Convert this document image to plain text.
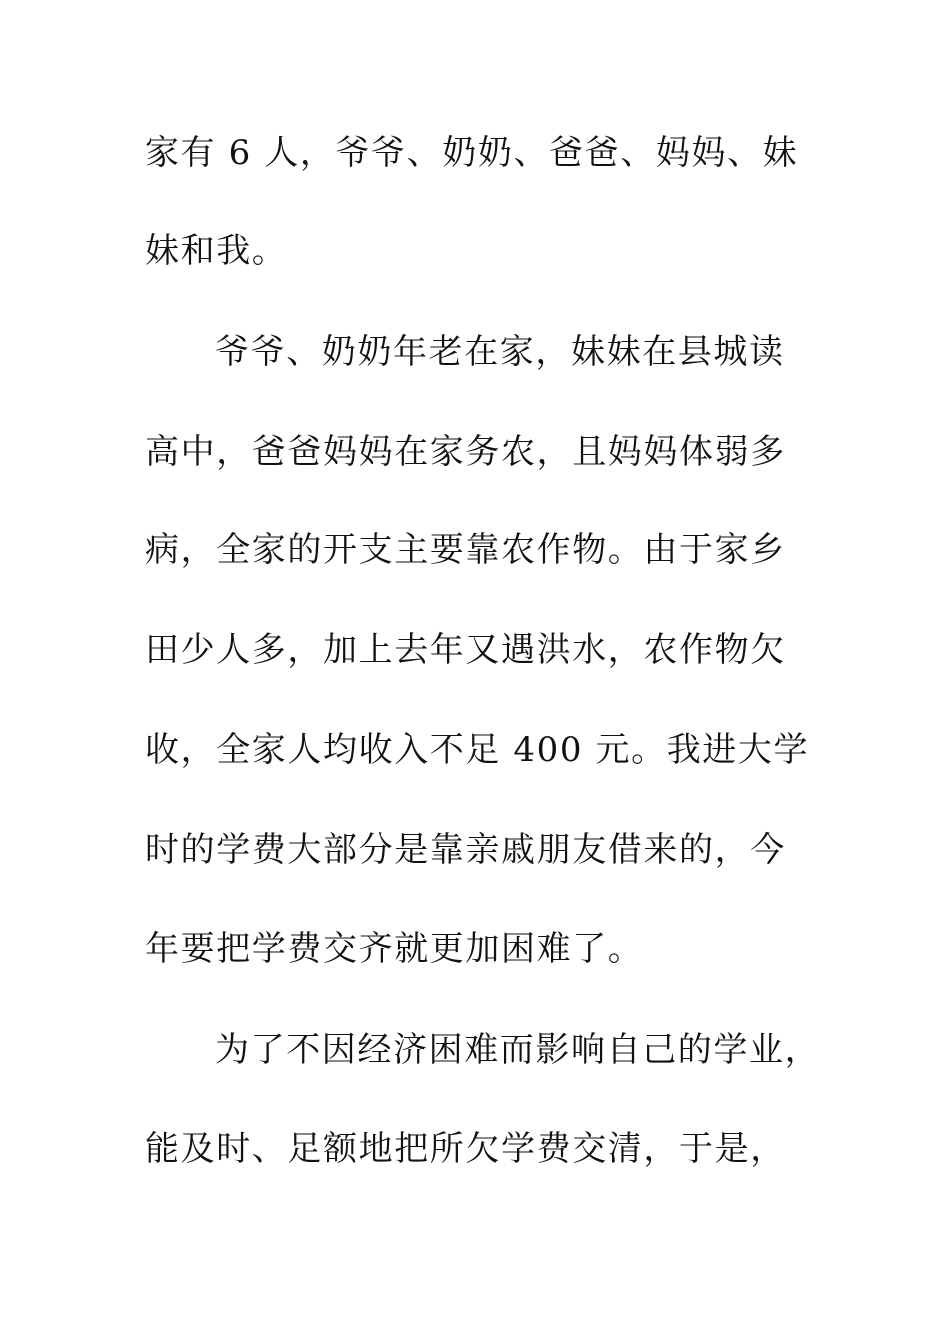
家有 6 人，爷爷、奶奶、爸爸、妈妈、妹
妹和我。
爷爷、奶奶年老在家，妹妹在县城读
高中，爸爸妈妈在家务农，且妈妈体弱多
病，全家的开支主要靠农作物。由于家乡
田少人多，加上去年又遇洪水，农作物欠
收，全家人均收入不足 400 元。我进大学
时的学费大部分是靠亲戚朋友借来的，今
年要把学费交齐就更加困难了。
为了不因经济困难而影响自己的学业，
能及时、足额地把所欠学费交清，于是，
